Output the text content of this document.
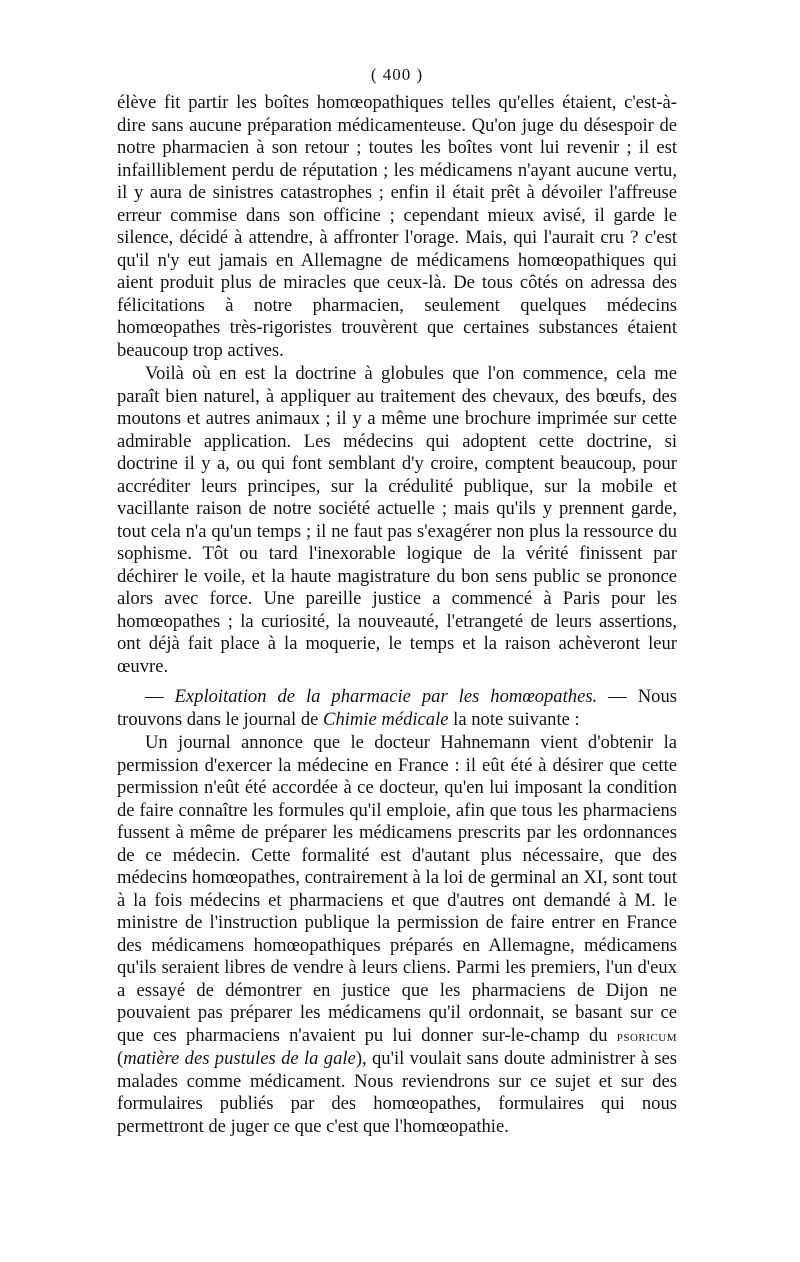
( 400 )

élève fit partir les boîtes homœopathiques telles qu'elles étaient, c'est-à-dire sans aucune préparation médicamenteuse. Qu'on juge du désespoir de notre pharmacien à son retour ; toutes les boîtes vont lui revenir ; il est infailliblement perdu de réputation ; les médicamens n'ayant aucune vertu, il y aura de sinistres catastrophes ; enfin il était prêt à dévoiler l'affreuse erreur commise dans son officine ; cependant mieux avisé, il garde le silence, décidé à attendre, à affronter l'orage. Mais, qui l'aurait cru ? c'est qu'il n'y eut jamais en Allemagne de médicamens homœopathiques qui aient produit plus de miracles que ceux-là. De tous côtés on adressa des félicitations à notre pharmacien, seulement quelques médecins homœopathes très-rigoristes trouvèrent que certaines substances étaient beaucoup trop actives.

Voilà où en est la doctrine à globules que l'on commence, cela me paraît bien naturel, à appliquer au traitement des chevaux, des bœufs, des moutons et autres animaux ; il y a même une brochure imprimée sur cette admirable application. Les médecins qui adoptent cette doctrine, si doctrine il y a, ou qui font semblant d'y croire, comptent beaucoup, pour accréditer leurs principes, sur la crédulité publique, sur la mobile et vacillante raison de notre société actuelle ; mais qu'ils y prennent garde, tout cela n'a qu'un temps ; il ne faut pas s'exagérer non plus la ressource du sophisme. Tôt ou tard l'inexorable logique de la vérité finissent par déchirer le voile, et la haute magistrature du bon sens public se prononce alors avec force. Une pareille justice a commencé à Paris pour les homœopathes ; la curiosité, la nouveauté, l'etrangeté de leurs assertions, ont déjà fait place à la moquerie, le temps et la raison achèveront leur œuvre.

— Exploitation de la pharmacie par les homœopathes. — Nous trouvons dans le journal de Chimie médicale la note suivante :

Un journal annonce que le docteur Hahnemann vient d'obtenir la permission d'exercer la médecine en France : il eût été à désirer que cette permission n'eût été accordée à ce docteur, qu'en lui imposant la condition de faire connaître les formules qu'il emploie, afin que tous les pharmaciens fussent à même de préparer les médicamens prescrits par les ordonnances de ce médecin. Cette formalité est d'autant plus nécessaire, que des médecins homœopathes, contrairement à la loi de germinal an XI, sont tout à la fois médecins et pharmaciens et que d'autres ont demandé à M. le ministre de l'instruction publique la permission de faire entrer en France des médicamens homœopathiques préparés en Allemagne, médicamens qu'ils seraient libres de vendre à leurs cliens. Parmi les premiers, l'un d'eux a essayé de démontrer en justice que les pharmaciens de Dijon ne pouvaient pas préparer les médicamens qu'il ordonnait, se basant sur ce que ces pharmaciens n'avaient pu lui donner sur-le-champ du psoricum (matière des pustules de la gale), qu'il voulait sans doute administrer à ses malades comme médicament. Nous reviendrons sur ce sujet et sur des formulaires publiés par des homœopathes, formulaires qui nous permettront de juger ce que c'est que l'homœopathie.
